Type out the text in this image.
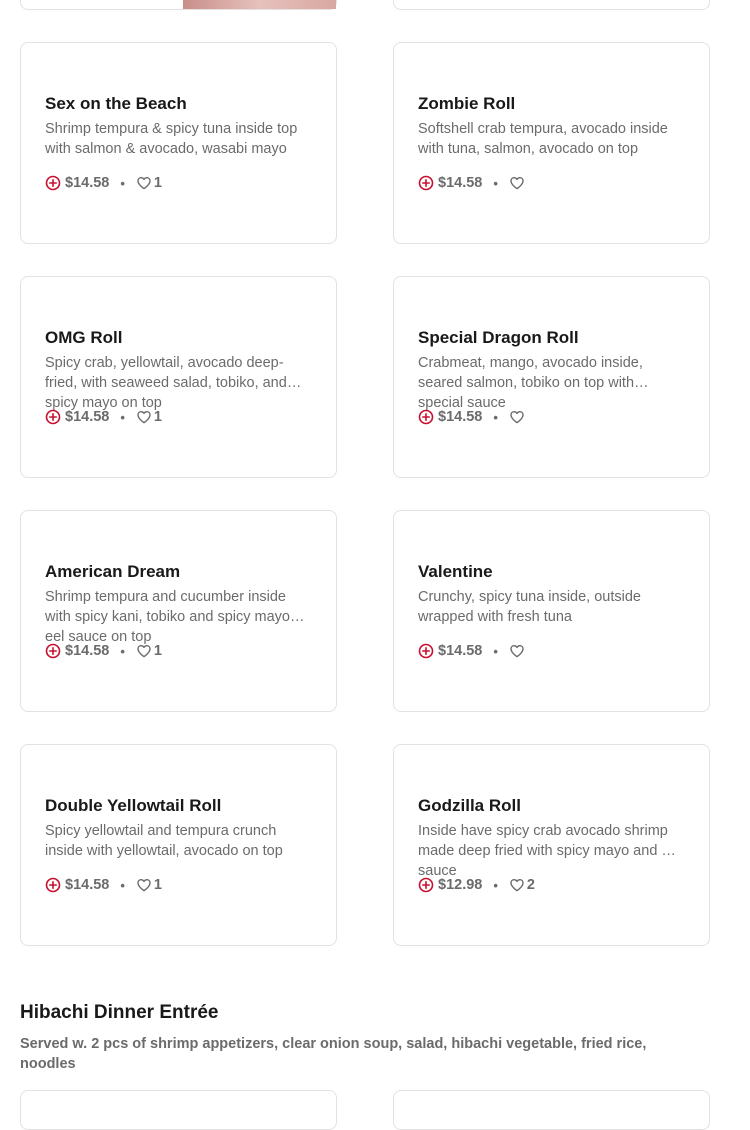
Sex on the Beach
Shrimp tempura & spicy tuna inside top with salmon & avocado, wasabi mayo
$14.58 • 1
Zombie Roll
Softshell crab tempura, avocado inside with tuna, salmon, avocado on top
$14.58 •
OMG Roll
Spicy crab, yellowtail, avocado deep-fried, with seaweed salad, tobiko, and spicy mayo on top
$14.58 • 1
Special Dragon Roll
Crabmeat, mango, avocado inside, seared salmon, tobiko on top with special sauce
$14.58 •
American Dream
Shrimp tempura and cucumber inside with spicy kani, tobiko and spicy mayo, eel sauce on top
$14.58 • 1
Valentine
Crunchy, spicy tuna inside, outside wrapped with fresh tuna
$14.58 •
Double Yellowtail Roll
Spicy yellowtail and tempura crunch inside with yellowtail, avocado on top
$14.58 • 1
Godzilla Roll
Inside have spicy crab avocado shrimp made deep fried with spicy mayo and eel sauce
$12.98 • 2
Hibachi Dinner Entrée
Served w. 2 pcs of shrimp appetizers, clear onion soup, salad, hibachi vegetable, fried rice, noodles
